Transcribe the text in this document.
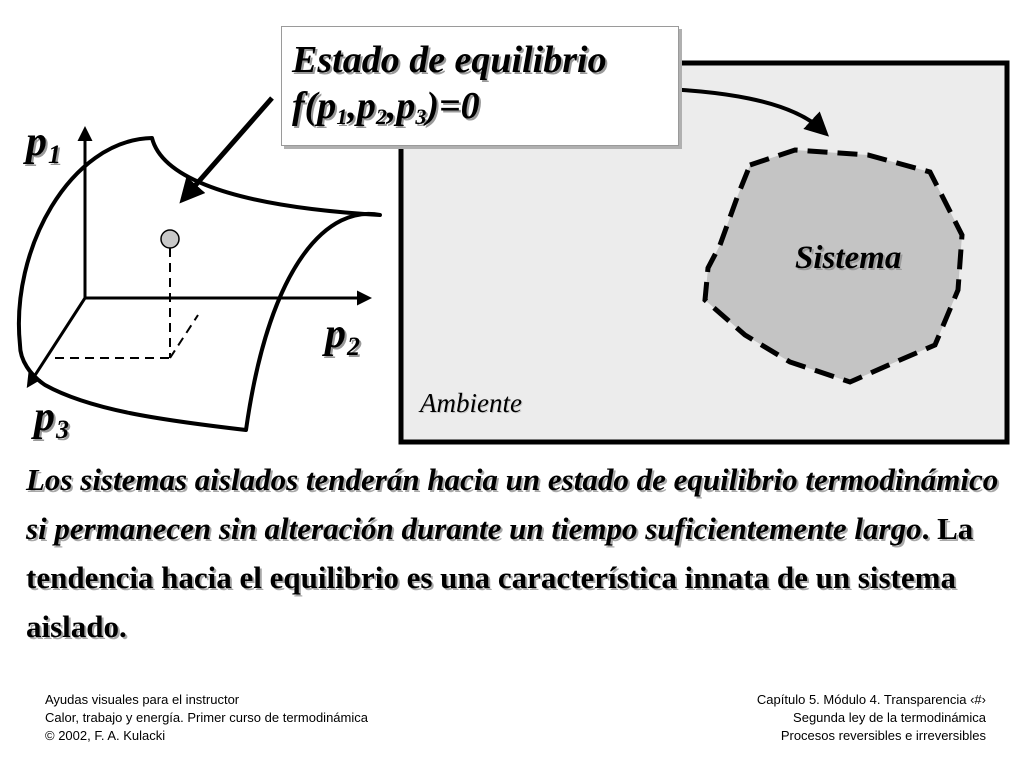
$p_1$
$p_2$
$p_3$
Estado de equilibrio
$f(p_1,p_2,p_3)=0$
Sistema
Ambiente
Los sistemas aislados tenderán hacia un estado de equilibrio termodinámico si permanecen sin alteración durante un tiempo suficientemente largo. La tendencia hacia el equilibrio es una característica innata de un sistema aislado.
Ayudas visuales para el instructor
Calor, trabajo y energía. Primer curso de termodinámica
© 2002, F. A. Kulacki
Capítulo 5. Módulo 4. Transparencia ‹#›
Segunda ley de la termodinámica
Procesos reversibles e irreversibles
